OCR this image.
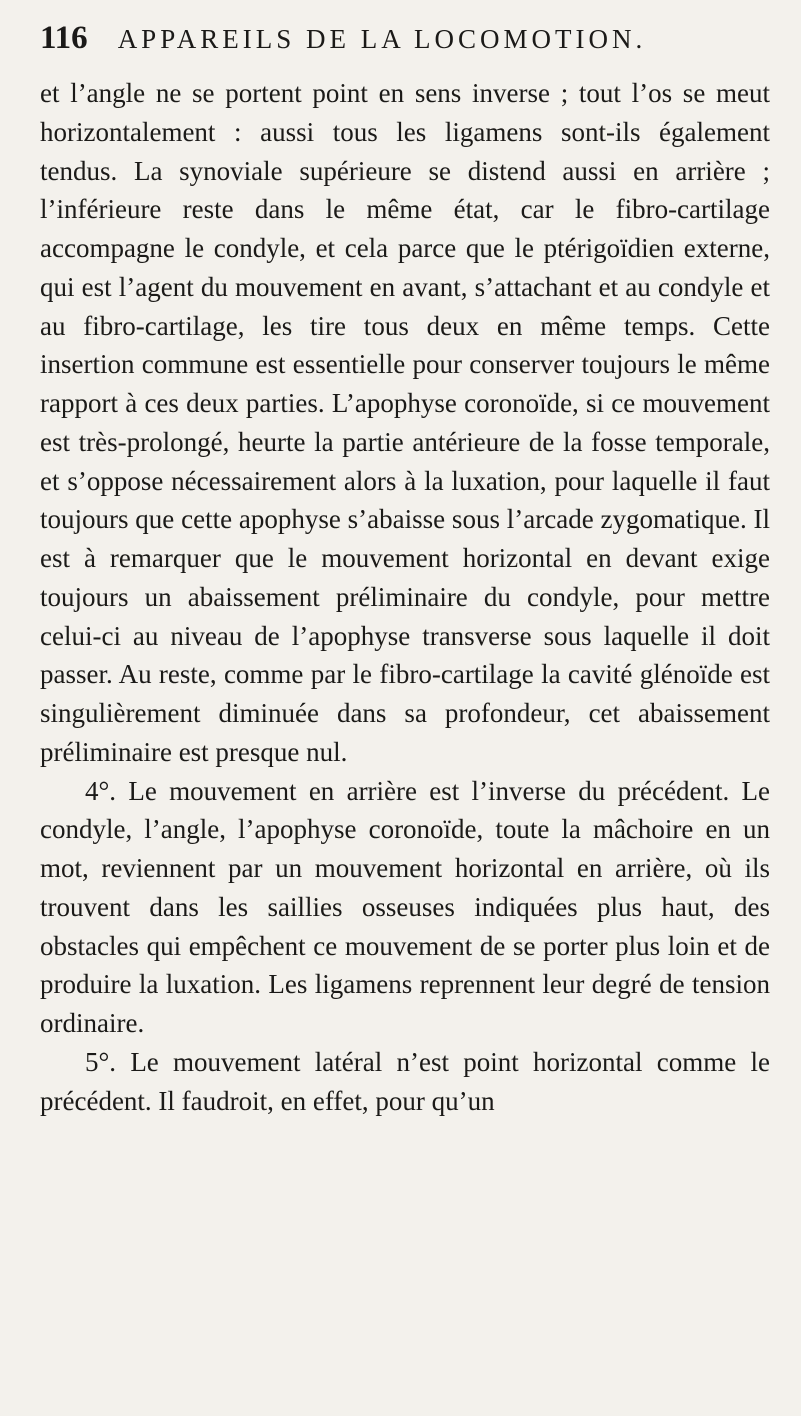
116 APPAREILS DE LA LOCOMOTION.

et l’angle ne se portent point en sens inverse ; tout l’os se meut horizontalement : aussi tous les ligamens sont-ils également tendus. La synoviale supérieure se distend aussi en arrière ; l’inférieure reste dans le même état, car le fibro-cartilage accompagne le condyle, et cela parce que le ptérigoïdien externe, qui est l’agent du mouvement en avant, s’attachant et au condyle et au fibro-cartilage, les tire tous deux en même temps. Cette insertion commune est essentielle pour conserver toujours le même rapport à ces deux parties. L’apophyse coronoïde, si ce mouvement est très-prolongé, heurte la partie antérieure de la fosse temporale, et s’oppose nécessairement alors à la luxation, pour laquelle il faut toujours que cette apophyse s’abaisse sous l’arcade zygomatique. Il est à remarquer que le mouvement horizontal en devant exige toujours un abaissement préliminaire du condyle, pour mettre celui-ci au niveau de l’apophyse transverse sous laquelle il doit passer. Au reste, comme par le fibro-cartilage la cavité glénoïde est singulièrement diminuée dans sa profondeur, cet abaissement préliminaire est presque nul.

4°. Le mouvement en arrière est l’inverse du précédent. Le condyle, l’angle, l’apophyse coronoïde, toute la mâchoire en un mot, reviennent par un mouvement horizontal en arrière, où ils trouvent dans les saillies osseuses indiquées plus haut, des obstacles qui empêchent ce mouvement de se porter plus loin et de produire la luxation. Les ligamens reprennent leur degré de tension ordinaire.

5°. Le mouvement latéral n’est point horizontal comme le précédent. Il faudroit, en effet, pour qu’un
